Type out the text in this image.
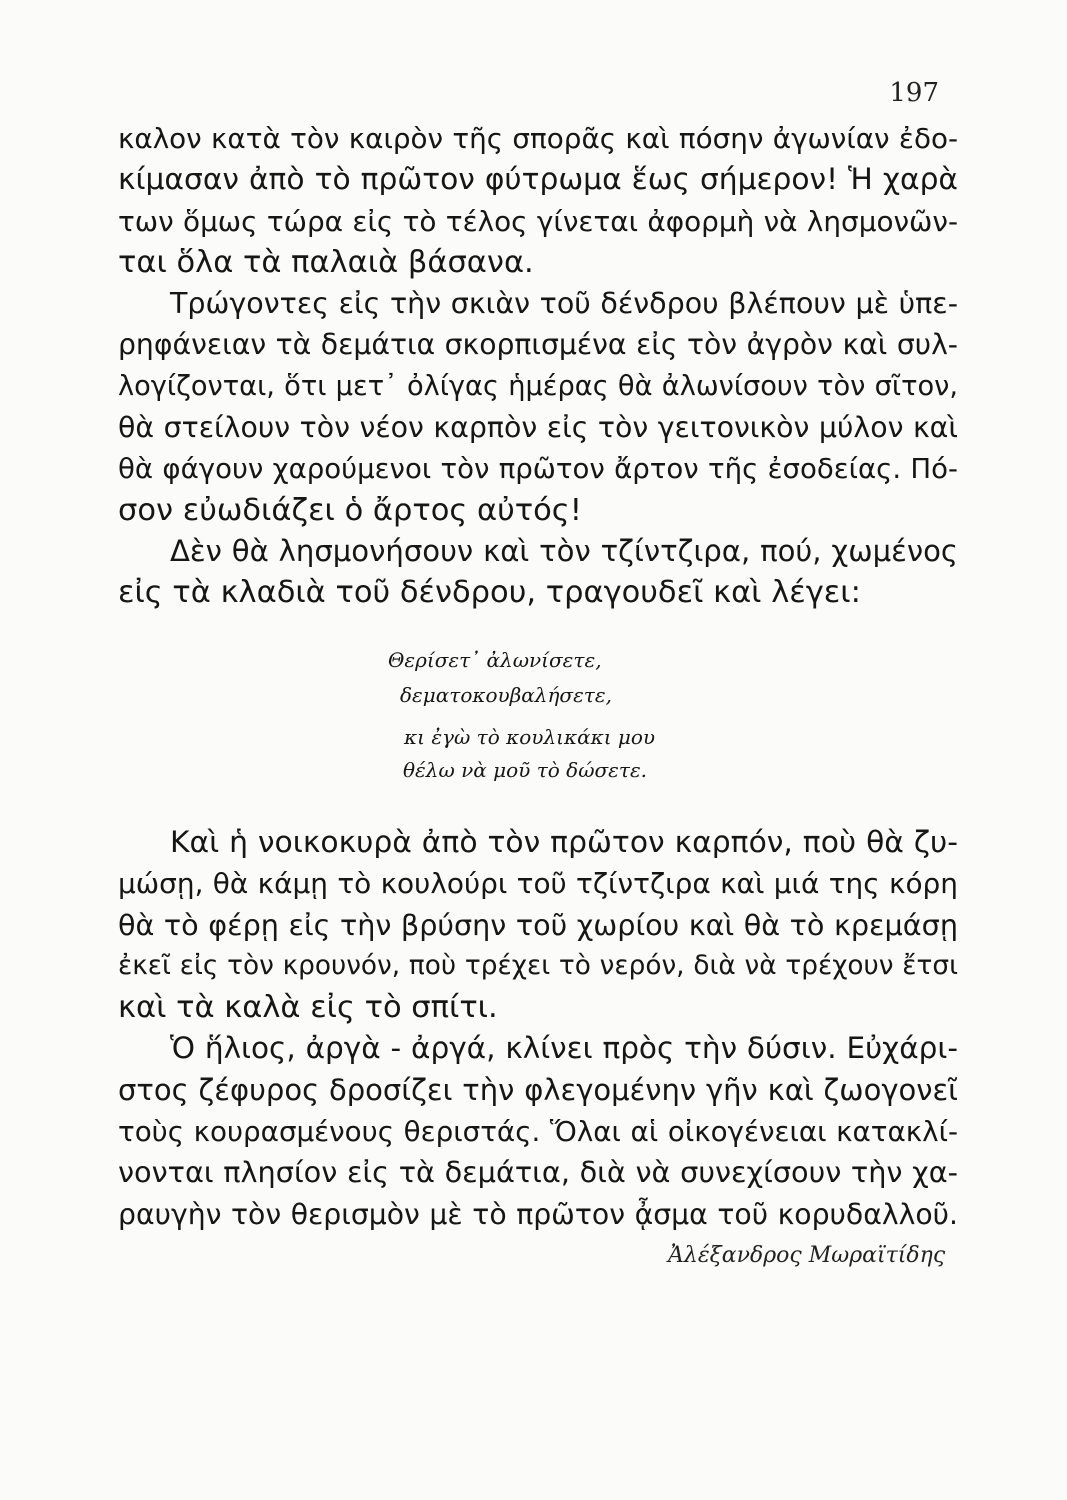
197
καλον κατὰ τὸν καιρὸν τῆς σπορᾶς καὶ πόσην ἀγωνίαν ἐδο-
κίμασαν ἀπὸ τὸ πρῶτον φύτρωμα ἕως σήμερον! Ἡ χαρὰ
των ὅμως τώρα εἰς τὸ τέλος γίνεται ἀφορμὴ νὰ λησμονῶν-
ται ὅλα τὰ παλαιὰ βάσανα.
Τρώγοντες εἰς τὴν σκιὰν τοῦ δένδρου βλέπουν μὲ ὑπε-
ρηφάνειαν τὰ δεμάτια σκορπισμένα εἰς τὸν ἀγρὸν καὶ συλ-
λογίζονται, ὅτι μετ᾽ ὀλίγας ἡμέρας θὰ ἀλωνίσουν τὸν σῖτον,
θὰ στείλουν τὸν νέον καρπὸν εἰς τὸν γειτονικὸν μύλον καὶ
θὰ φάγουν χαρούμενοι τὸν πρῶτον ἄρτον τῆς ἐσοδείας. Πό-
σον εὐωδιάζει ὁ ἄρτος αὐτός!
Δὲν θὰ λησμονήσουν καὶ τὸν τζίντζιρα, πού, χωμένος
εἰς τὰ κλαδιὰ τοῦ δένδρου, τραγουδεῖ καὶ λέγει:
Θερίσετ᾽ ἀλωνίσετε,
δεματοκουβαλήσετε,
κι ἐγὼ τὸ κουλικάκι μου
θέλω νὰ μοῦ τὸ δώσετε.
Καὶ ἡ νοικοκυρὰ ἀπὸ τὸν πρῶτον καρπόν, ποὺ θὰ ζυ-
μώσῃ, θὰ κάμῃ τὸ κουλούρι τοῦ τζίντζιρα καὶ μιά της κόρη
θὰ τὸ φέρῃ εἰς τὴν βρύσην τοῦ χωρίου καὶ θὰ τὸ κρεμάσῃ
ἐκεῖ εἰς τὸν κρουνόν, ποὺ τρέχει τὸ νερόν, διὰ νὰ τρέχουν ἔτσι
καὶ τὰ καλὰ εἰς τὸ σπίτι.
Ὁ ἥλιος, ἀργὰ - ἀργά, κλίνει πρὸς τὴν δύσιν. Εὐχάρι-
στος ζέφυρος δροσίζει τὴν φλεγομένην γῆν καὶ ζωογονεῖ
τοὺς κουρασμένους θεριστάς. Ὅλαι αἱ οἰκογένειαι κατακλί-
νονται πλησίον εἰς τὰ δεμάτια, διὰ νὰ συνεχίσουν τὴν χα-
ραυγὴν τὸν θερισμὸν μὲ τὸ πρῶτον ᾆσμα τοῦ κορυδαλλοῦ.
Ἀλέξανδρος Μωραϊτίδης
